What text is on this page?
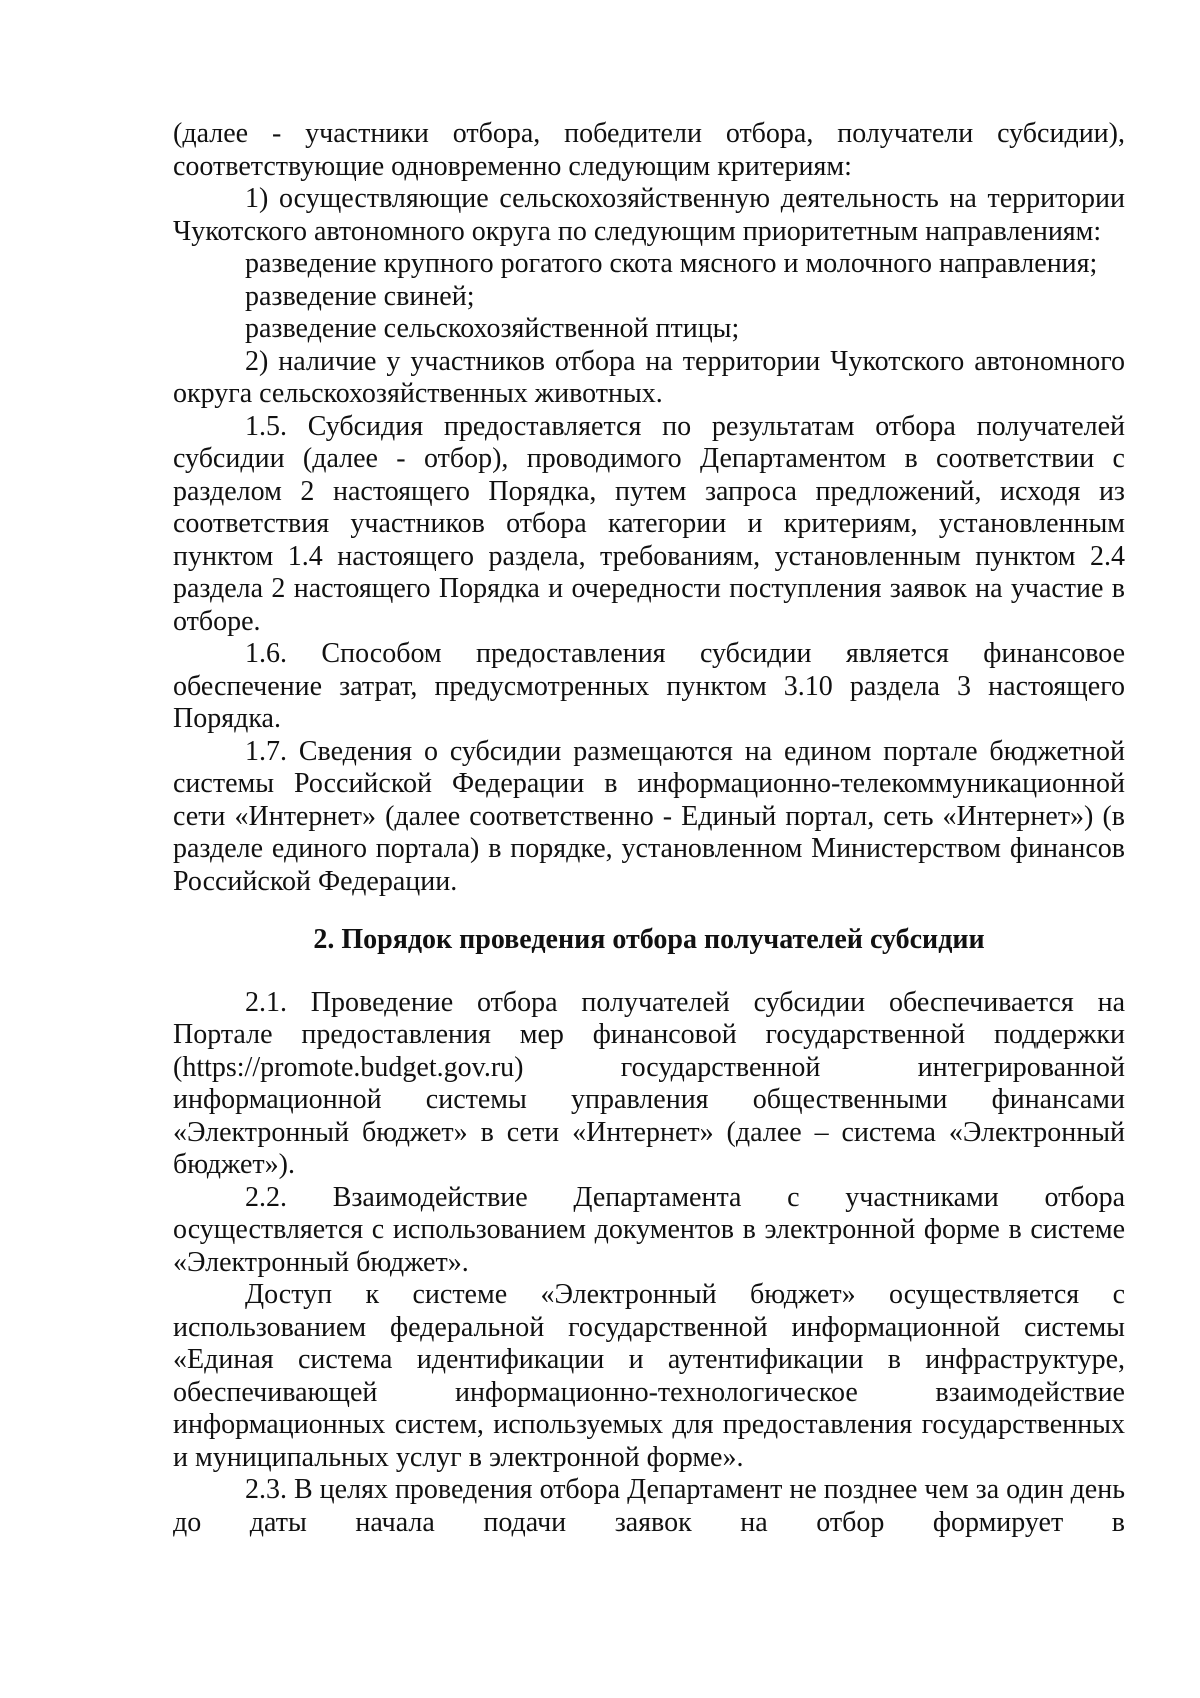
(далее - участники отбора, победители отбора, получатели субсидии), соответствующие одновременно следующим критериям:

1) осуществляющие сельскохозяйственную деятельность на территории Чукотского автономного округа по следующим приоритетным направлениям:

разведение крупного рогатого скота мясного и молочного направления;

разведение свиней;

разведение сельскохозяйственной птицы;

2) наличие у участников отбора на территории Чукотского автономного округа сельскохозяйственных животных.

1.5. Субсидия предоставляется по результатам отбора получателей субсидии (далее - отбор), проводимого Департаментом в соответствии с разделом 2 настоящего Порядка, путем запроса предложений, исходя из соответствия участников отбора категории и критериям, установленным пунктом 1.4 настоящего раздела, требованиям, установленным пунктом 2.4 раздела 2 настоящего Порядка и очередности поступления заявок на участие в отборе.

1.6. Способом предоставления субсидии является финансовое обеспечение затрат, предусмотренных пунктом 3.10 раздела 3 настоящего Порядка.

1.7. Сведения о субсидии размещаются на едином портале бюджетной системы Российской Федерации в информационно-телекоммуникационной сети «Интернет» (далее соответственно - Единый портал, сеть «Интернет») (в разделе единого портала) в порядке, установленном Министерством финансов Российской Федерации.

2. Порядок проведения отбора получателей субсидии

2.1. Проведение отбора получателей субсидии обеспечивается на Портале предоставления мер финансовой государственной поддержки (https://promote.budget.gov.ru) государственной интегрированной информационной системы управления общественными финансами «Электронный бюджет» в сети «Интернет» (далее – система «Электронный бюджет»).

2.2. Взаимодействие Департамента с участниками отбора осуществляется с использованием документов в электронной форме в системе «Электронный бюджет».

Доступ к системе «Электронный бюджет» осуществляется с использованием федеральной государственной информационной системы «Единая система идентификации и аутентификации в инфраструктуре, обеспечивающей информационно-технологическое взаимодействие информационных систем, используемых для предоставления государственных и муниципальных услуг в электронной форме».

2.3. В целях проведения отбора Департамент не позднее чем за один день до даты начала подачи заявок на отбор формирует в
